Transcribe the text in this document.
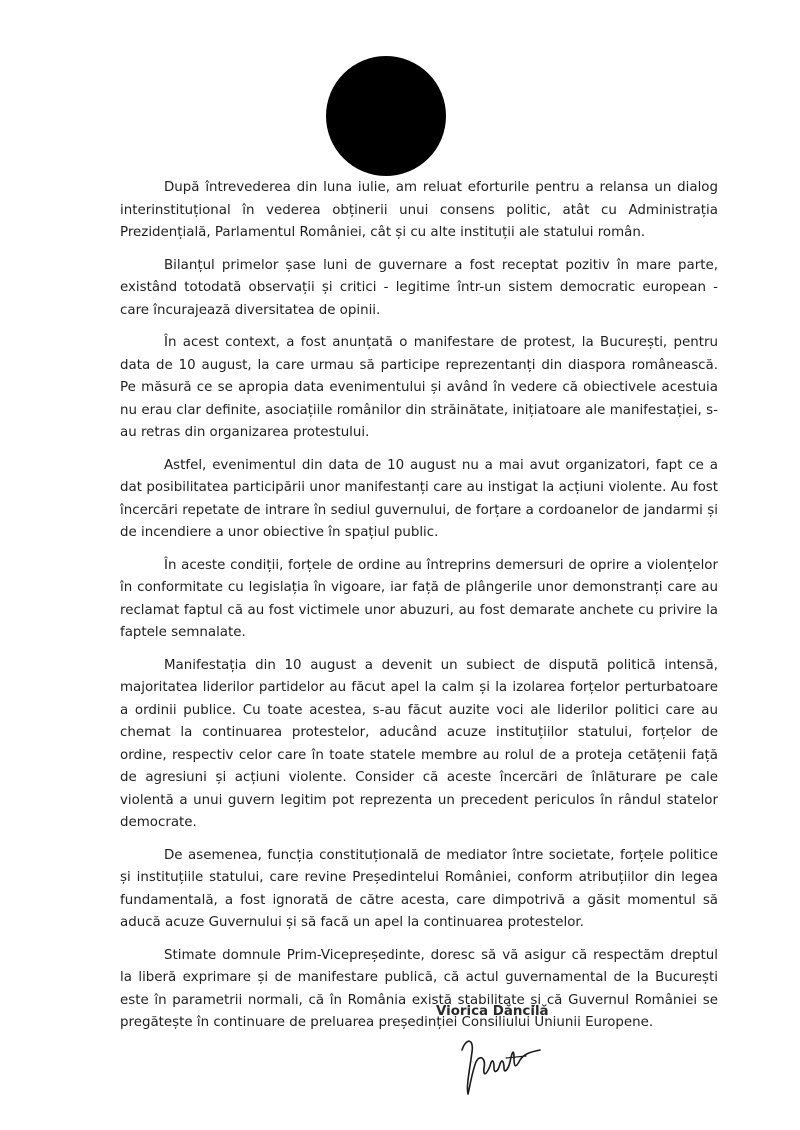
După întrevederea din luna iulie, am reluat eforturile pentru a relansa un dialog interinstituțional în vederea obținerii unui consens politic, atât cu Administrația Prezidențială, Parlamentul României, cât și cu alte instituții ale statului român.

Bilanțul primelor șase luni de guvernare a fost receptat pozitiv în mare parte, existând totodată observații și critici - legitime într-un sistem democratic european - care încurajează diversitatea de opinii.

În acest context, a fost anunțată o manifestare de protest, la București, pentru data de 10 august, la care urmau să participe reprezentanți din diaspora românească. Pe măsură ce se apropia data evenimentului și având în vedere că obiectivele acestuia nu erau clar definite, asociațiile românilor din străinătate, inițiatoare ale manifestației, s-au retras din organizarea protestului.

Astfel, evenimentul din data de 10 august nu a mai avut organizatori, fapt ce a dat posibilitatea participării unor manifestanți care au instigat la acțiuni violente. Au fost încercări repetate de intrare în sediul guvernului, de forțare a cordoanelor de jandarmi și de incendiere a unor obiective în spațiul public.

În aceste condiții, forțele de ordine au întreprins demersuri de oprire a violențelor în conformitate cu legislația în vigoare, iar față de plângerile unor demonstranți care au reclamat faptul că au fost victimele unor abuzuri, au fost demarate anchete cu privire la faptele semnalate.

Manifestația din 10 august a devenit un subiect de dispută politică intensă, majoritatea liderilor partidelor au făcut apel la calm și la izolarea forțelor perturbatoare a ordinii publice. Cu toate acestea, s-au făcut auzite voci ale liderilor politici care au chemat la continuarea protestelor, aducând acuze instituțiilor statului, forțelor de ordine, respectiv celor care în toate statele membre au rolul de a proteja cetățenii față de agresiuni și acțiuni violente. Consider că aceste încercări de înlăturare pe cale violentă a unui guvern legitim pot reprezenta un precedent periculos în rândul statelor democrate.

De asemenea, funcția constituțională de mediator între societate, forțele politice și instituțiile statului, care revine Președintelui României, conform atribuțiilor din legea fundamentală, a fost ignorată de către acesta, care dimpotrivă a găsit momentul să aducă acuze Guvernului și să facă un apel la continuarea protestelor.

Stimate domnule Prim-Vicepreședinte, doresc să vă asigur că respectăm dreptul la liberă exprimare și de manifestare publică, că actul guvernamental de la București este în parametrii normali, că în România există stabilitate și că Guvernul României se pregătește în continuare de preluarea președinției Consiliului Uniunii Europene.

Viorica Dăncilă
